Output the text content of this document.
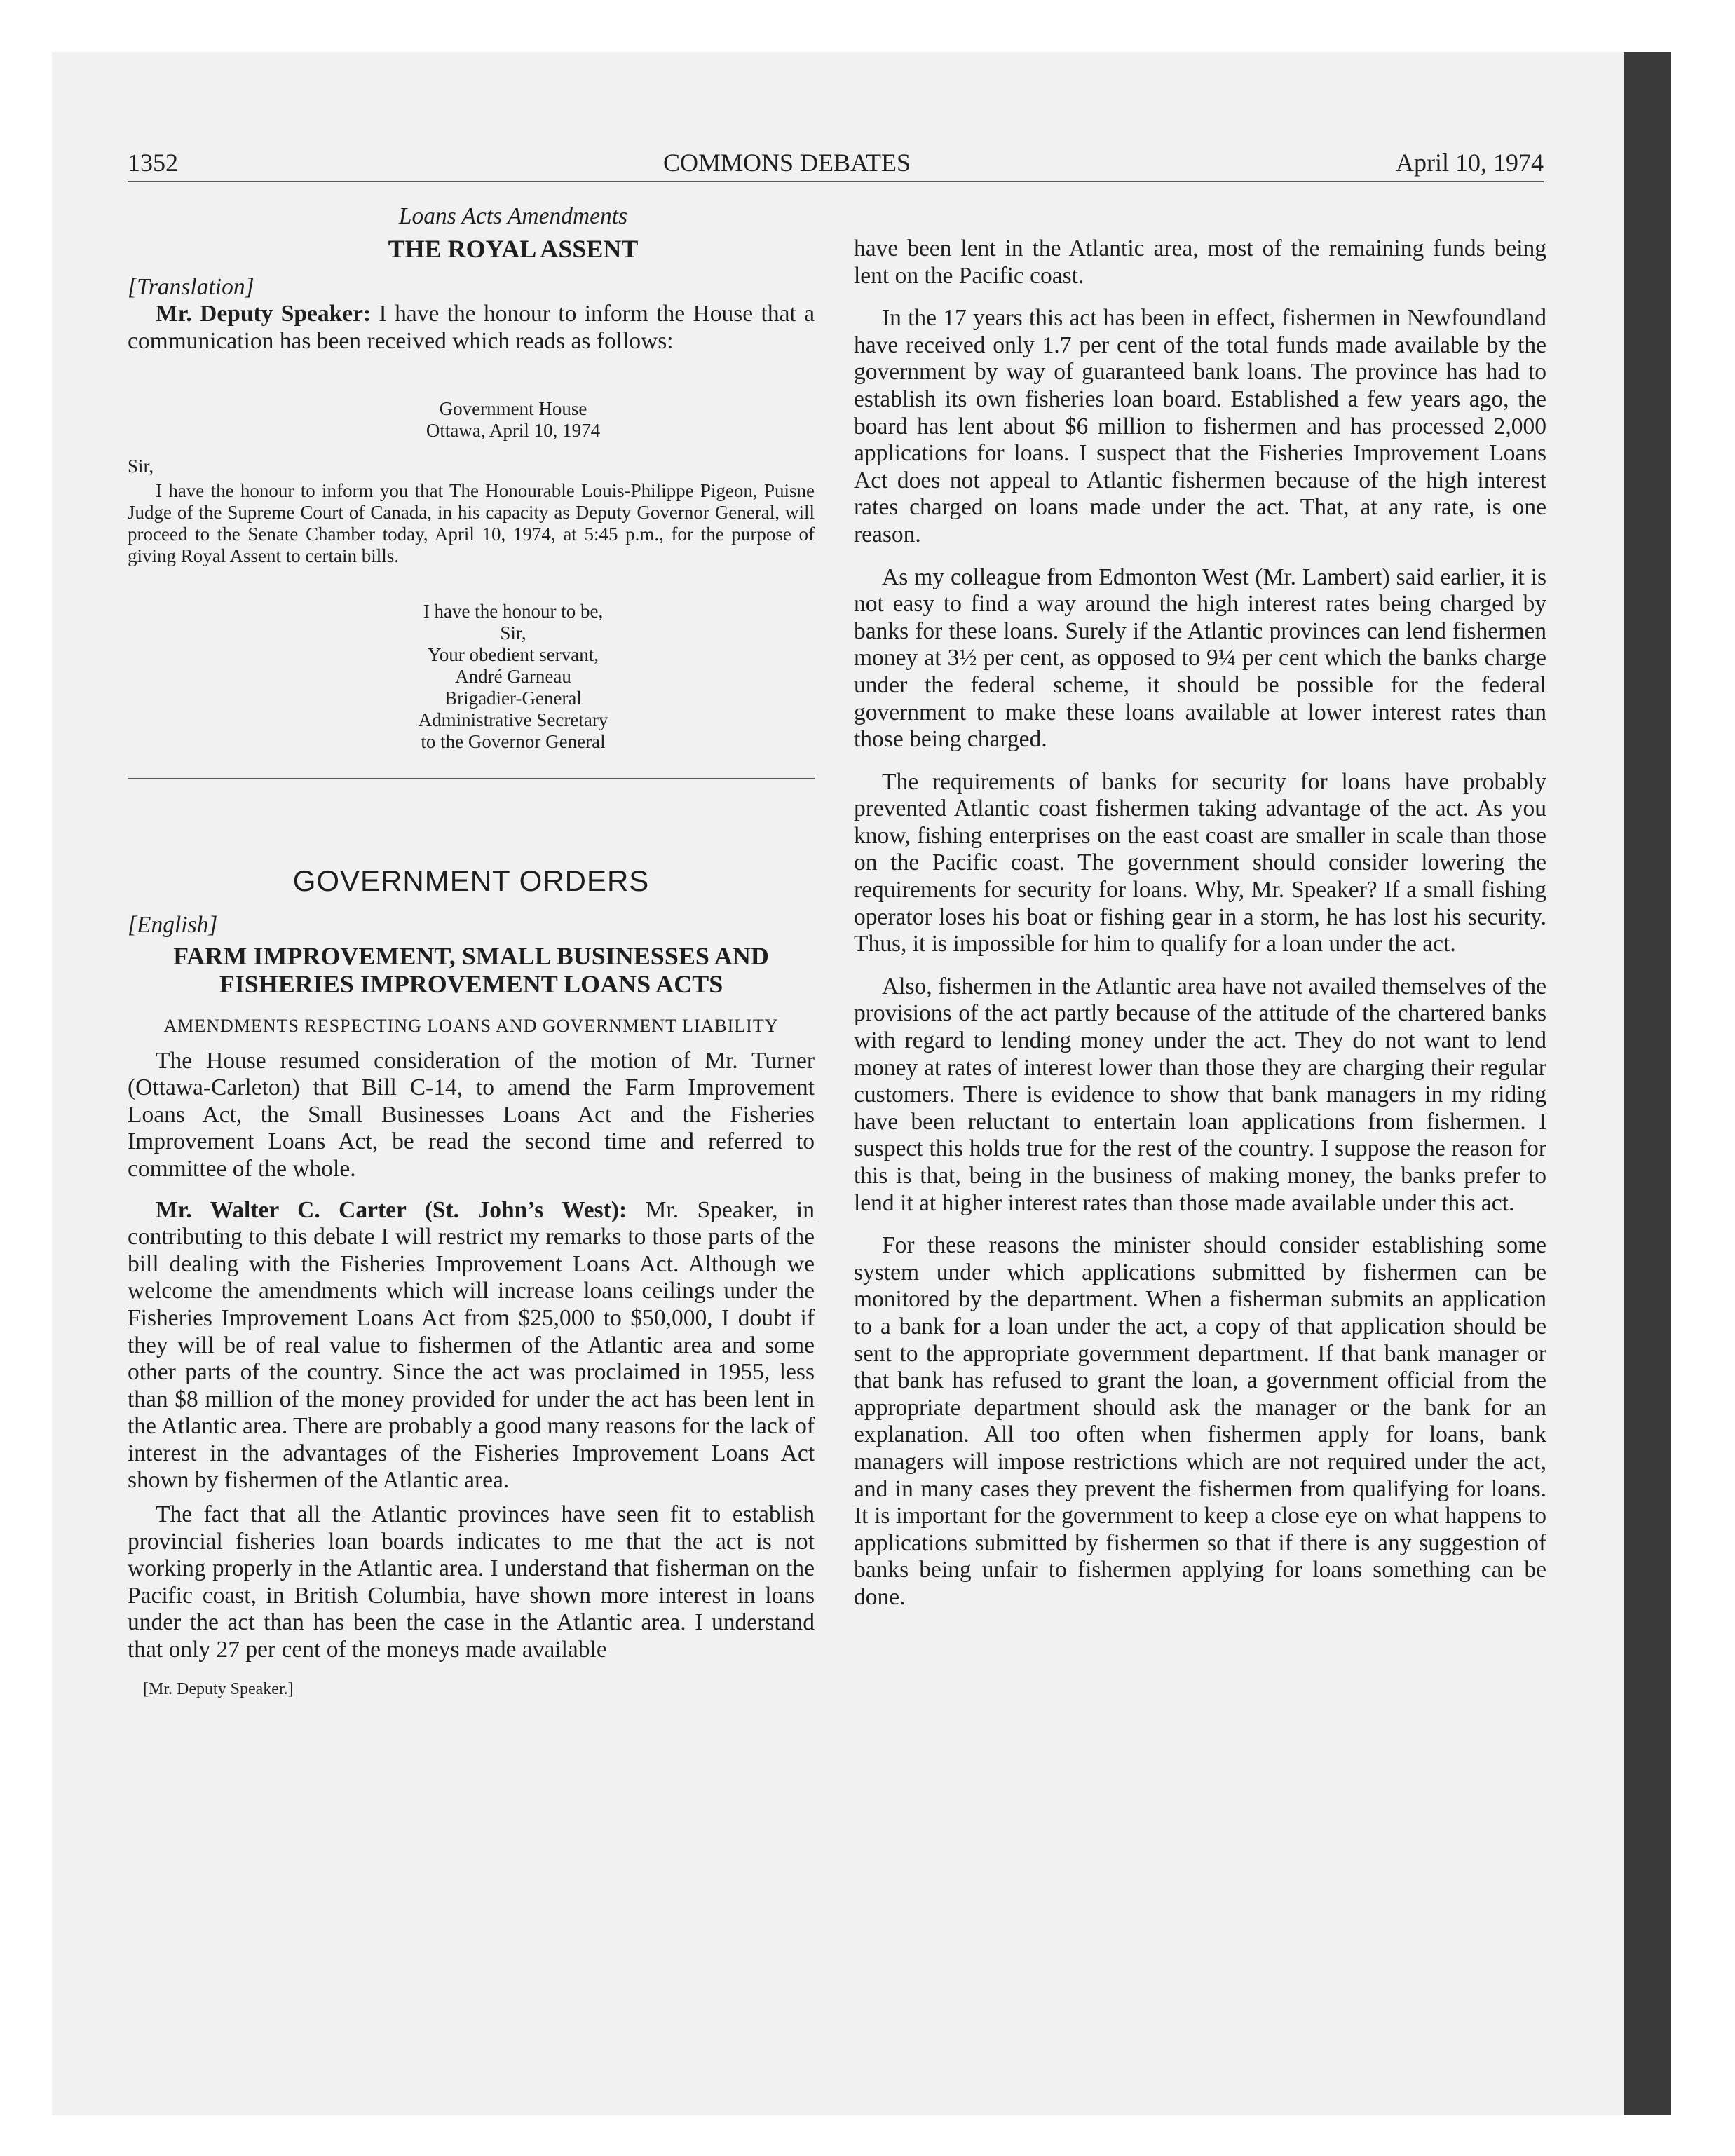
1352	COMMONS DEBATES	April 10, 1974

Loans Acts Amendments

THE ROYAL ASSENT

[Translation]

Mr. Deputy Speaker: I have the honour to inform the House that a communication has been received which reads as follows:

Government House

Ottawa, April 10, 1974

Sir,

I have the honour to inform you that The Honourable Louis-Philippe Pigeon, Puisne Judge of the Supreme Court of Canada, in his capacity as Deputy Governor General, will proceed to the Senate Chamber today, April 10, 1974, at 5:45 p.m., for the purpose of giving Royal Assent to certain bills.

I have the honour to be,

Sir,

Your obedient servant,

André Garneau

Brigadier-General

Administrative Secretary

to the Governor General

GOVERNMENT ORDERS

[English]

FARM IMPROVEMENT, SMALL BUSINESSES AND FISHERIES IMPROVEMENT LOANS ACTS

AMENDMENTS RESPECTING LOANS AND GOVERNMENT LIABILITY

The House resumed consideration of the motion of Mr. Turner (Ottawa-Carleton) that Bill C-14, to amend the Farm Improvement Loans Act, the Small Businesses Loans Act and the Fisheries Improvement Loans Act, be read the second time and referred to committee of the whole.

Mr. Walter C. Carter (St. John’s West): Mr. Speaker, in contributing to this debate I will restrict my remarks to those parts of the bill dealing with the Fisheries Improvement Loans Act. Although we welcome the amendments which will increase loans ceilings under the Fisheries Improvement Loans Act from $25,000 to $50,000, I doubt if they will be of real value to fishermen of the Atlantic area and some other parts of the country. Since the act was proclaimed in 1955, less than $8 million of the money provided for under the act has been lent in the Atlantic area. There are probably a good many reasons for the lack of interest in the advantages of the Fisheries Improvement Loans Act shown by fishermen of the Atlantic area.

The fact that all the Atlantic provinces have seen fit to establish provincial fisheries loan boards indicates to me that the act is not working properly in the Atlantic area. I understand that fisherman on the Pacific coast, in British Columbia, have shown more interest in loans under the act than has been the case in the Atlantic area. I understand that only 27 per cent of the moneys made available

[Mr. Deputy Speaker.]

have been lent in the Atlantic area, most of the remaining funds being lent on the Pacific coast.

In the 17 years this act has been in effect, fishermen in Newfoundland have received only 1.7 per cent of the total funds made available by the government by way of guaranteed bank loans. The province has had to establish its own fisheries loan board. Established a few years ago, the board has lent about $6 million to fishermen and has processed 2,000 applications for loans. I suspect that the Fisheries Improvement Loans Act does not appeal to Atlantic fishermen because of the high interest rates charged on loans made under the act. That, at any rate, is one reason.

As my colleague from Edmonton West (Mr. Lambert) said earlier, it is not easy to find a way around the high interest rates being charged by banks for these loans. Surely if the Atlantic provinces can lend fishermen money at 3½ per cent, as opposed to 9¼ per cent which the banks charge under the federal scheme, it should be possible for the federal government to make these loans available at lower interest rates than those being charged.

The requirements of banks for security for loans have probably prevented Atlantic coast fishermen taking advantage of the act. As you know, fishing enterprises on the east coast are smaller in scale than those on the Pacific coast. The government should consider lowering the requirements for security for loans. Why, Mr. Speaker? If a small fishing operator loses his boat or fishing gear in a storm, he has lost his security. Thus, it is impossible for him to qualify for a loan under the act.

Also, fishermen in the Atlantic area have not availed themselves of the provisions of the act partly because of the attitude of the chartered banks with regard to lending money under the act. They do not want to lend money at rates of interest lower than those they are charging their regular customers. There is evidence to show that bank managers in my riding have been reluctant to entertain loan applications from fishermen. I suspect this holds true for the rest of the country. I suppose the reason for this is that, being in the business of making money, the banks prefer to lend it at higher interest rates than those made available under this act.

For these reasons the minister should consider establishing some system under which applications submitted by fishermen can be monitored by the department. When a fisherman submits an application to a bank for a loan under the act, a copy of that application should be sent to the appropriate government department. If that bank manager or that bank has refused to grant the loan, a government official from the appropriate department should ask the manager or the bank for an explanation. All too often when fishermen apply for loans, bank managers will impose restrictions which are not required under the act, and in many cases they prevent the fishermen from qualifying for loans. It is important for the government to keep a close eye on what happens to applications submitted by fishermen so that if there is any suggestion of banks being unfair to fishermen applying for loans something can be done.
